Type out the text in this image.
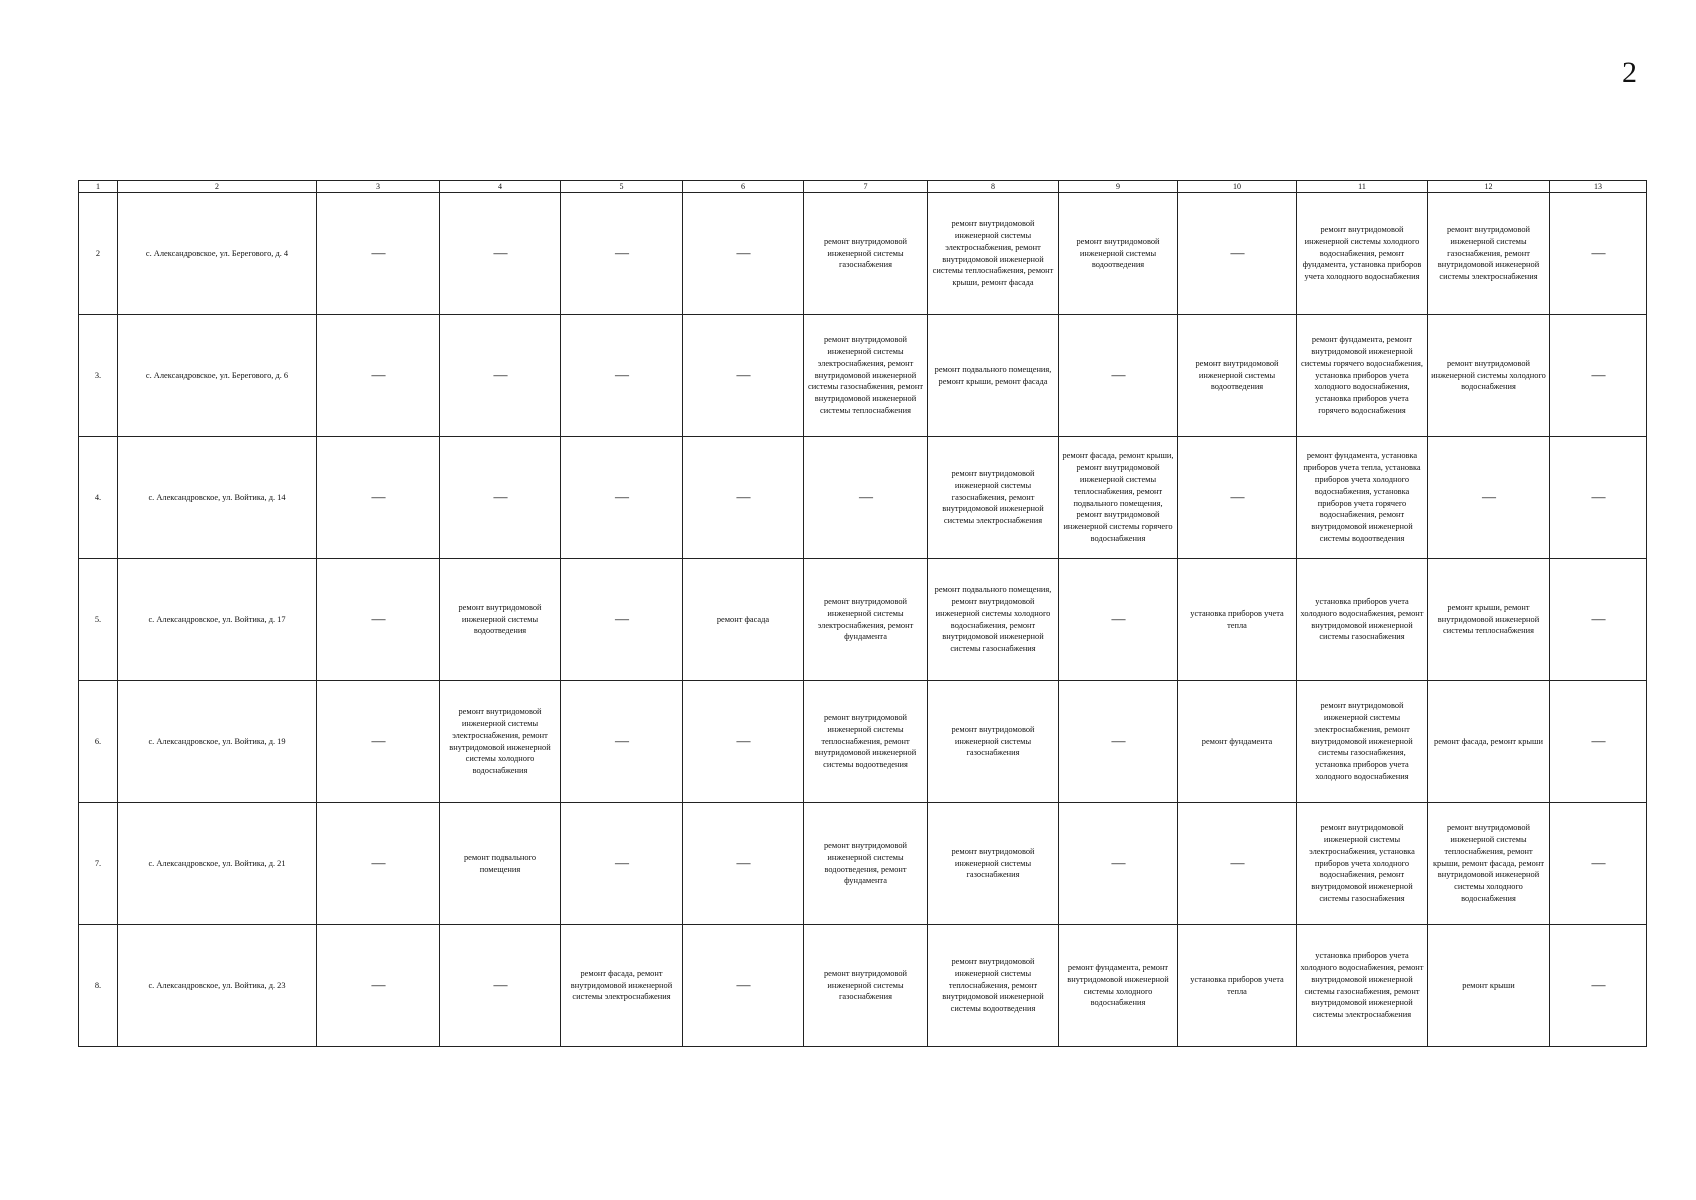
2
1	2	3	4	5	6	7	8	9	10	11	12	13
2	с. Александровское, ул. Берегового, д. 4	—	—	—	—	ремонт внутридомовой инженерной системы газоснабжения	ремонт внутридомовой инженерной системы электроснабжения, ремонт внутридомовой инженерной системы теплоснабжения, ремонт крыши, ремонт фасада	ремонт внутридомовой инженерной системы водоотведения	—	ремонт внутридомовой инженерной системы холодного водоснабжения, ремонт фундамента, установка приборов учета холодного водоснабжения	ремонт внутридомовой инженерной системы газоснабжения, ремонт внутридомовой инженерной системы электроснабжения	—
3.	с. Александровское, ул. Берегового, д. 6	—	—	—	—	ремонт внутридомовой инженерной системы электроснабжения, ремонт внутридомовой инженерной системы газоснабжения, ремонт внутридомовой инженерной системы теплоснабжения	ремонт подвального помещения, ремонт крыши, ремонт фасада	—	ремонт внутридомовой инженерной системы водоотведения	ремонт фундамента, ремонт внутридомовой инженерной системы горячего водоснабжения, установка приборов учета холодного водоснабжения, установка приборов учета горячего водоснабжения	ремонт внутридомовой инженерной системы холодного водоснабжения	—
4.	с. Александровское, ул. Войтика, д. 14	—	—	—	—	—	ремонт внутридомовой инженерной системы газоснабжения, ремонт внутридомовой инженерной системы электроснабжения	ремонт фасада, ремонт крыши, ремонт внутридомовой инженерной системы теплоснабжения, ремонт подвального помещения, ремонт внутридомовой инженерной системы горячего водоснабжения	—	ремонт фундамента, установка приборов учета тепла, установка приборов учета холодного водоснабжения, установка приборов учета горячего водоснабжения, ремонт внутридомовой инженерной системы водоотведения	—	—
5.	с. Александровское, ул. Войтика, д. 17	—	ремонт внутридомовой инженерной системы водоотведения	—	ремонт фасада	ремонт внутридомовой инженерной системы электроснабжения, ремонт фундамента	ремонт подвального помещения, ремонт внутридомовой инженерной системы холодного водоснабжения, ремонт внутридомовой инженерной системы газоснабжения	—	установка приборов учета тепла	установка приборов учета холодного водоснабжения, ремонт внутридомовой инженерной системы газоснабжения	ремонт крыши, ремонт внутридомовой инженерной системы теплоснабжения	—
6.	с. Александровское, ул. Войтика, д. 19	—	ремонт внутридомовой инженерной системы электроснабжения, ремонт внутридомовой инженерной системы холодного водоснабжения	—	—	ремонт внутридомовой инженерной системы теплоснабжения, ремонт внутридомовой инженерной системы водоотведения	ремонт внутридомовой инженерной системы газоснабжения	—	ремонт фундамента	ремонт внутридомовой инженерной системы электроснабжения, ремонт внутридомовой инженерной системы газоснабжения, установка приборов учета холодного водоснабжения	ремонт фасада, ремонт крыши	—
7.	с. Александровское, ул. Войтика, д. 21	—	ремонт подвального помещения	—	—	ремонт внутридомовой инженерной системы водоотведения, ремонт фундамента	ремонт внутридомовой инженерной системы газоснабжения	—	—	ремонт внутридомовой инженерной системы электроснабжения, установка приборов учета холодного водоснабжения, ремонт внутридомовой инженерной системы газоснабжения	ремонт внутридомовой инженерной системы теплоснабжения, ремонт крыши, ремонт фасада, ремонт внутридомовой инженерной системы холодного водоснабжения	—
8.	с. Александровское, ул. Войтика, д. 23	—	—	ремонт фасада, ремонт внутридомовой инженерной системы электроснабжения	—	ремонт внутридомовой инженерной системы газоснабжения	ремонт внутридомовой инженерной системы теплоснабжения, ремонт внутридомовой инженерной системы водоотведения	ремонт фундамента, ремонт внутридомовой инженерной системы холодного водоснабжения	установка приборов учета тепла	установка приборов учета холодного водоснабжения, ремонт внутридомовой инженерной системы газоснабжения, ремонт внутридомовой инженерной системы электроснабжения	ремонт крыши	—
